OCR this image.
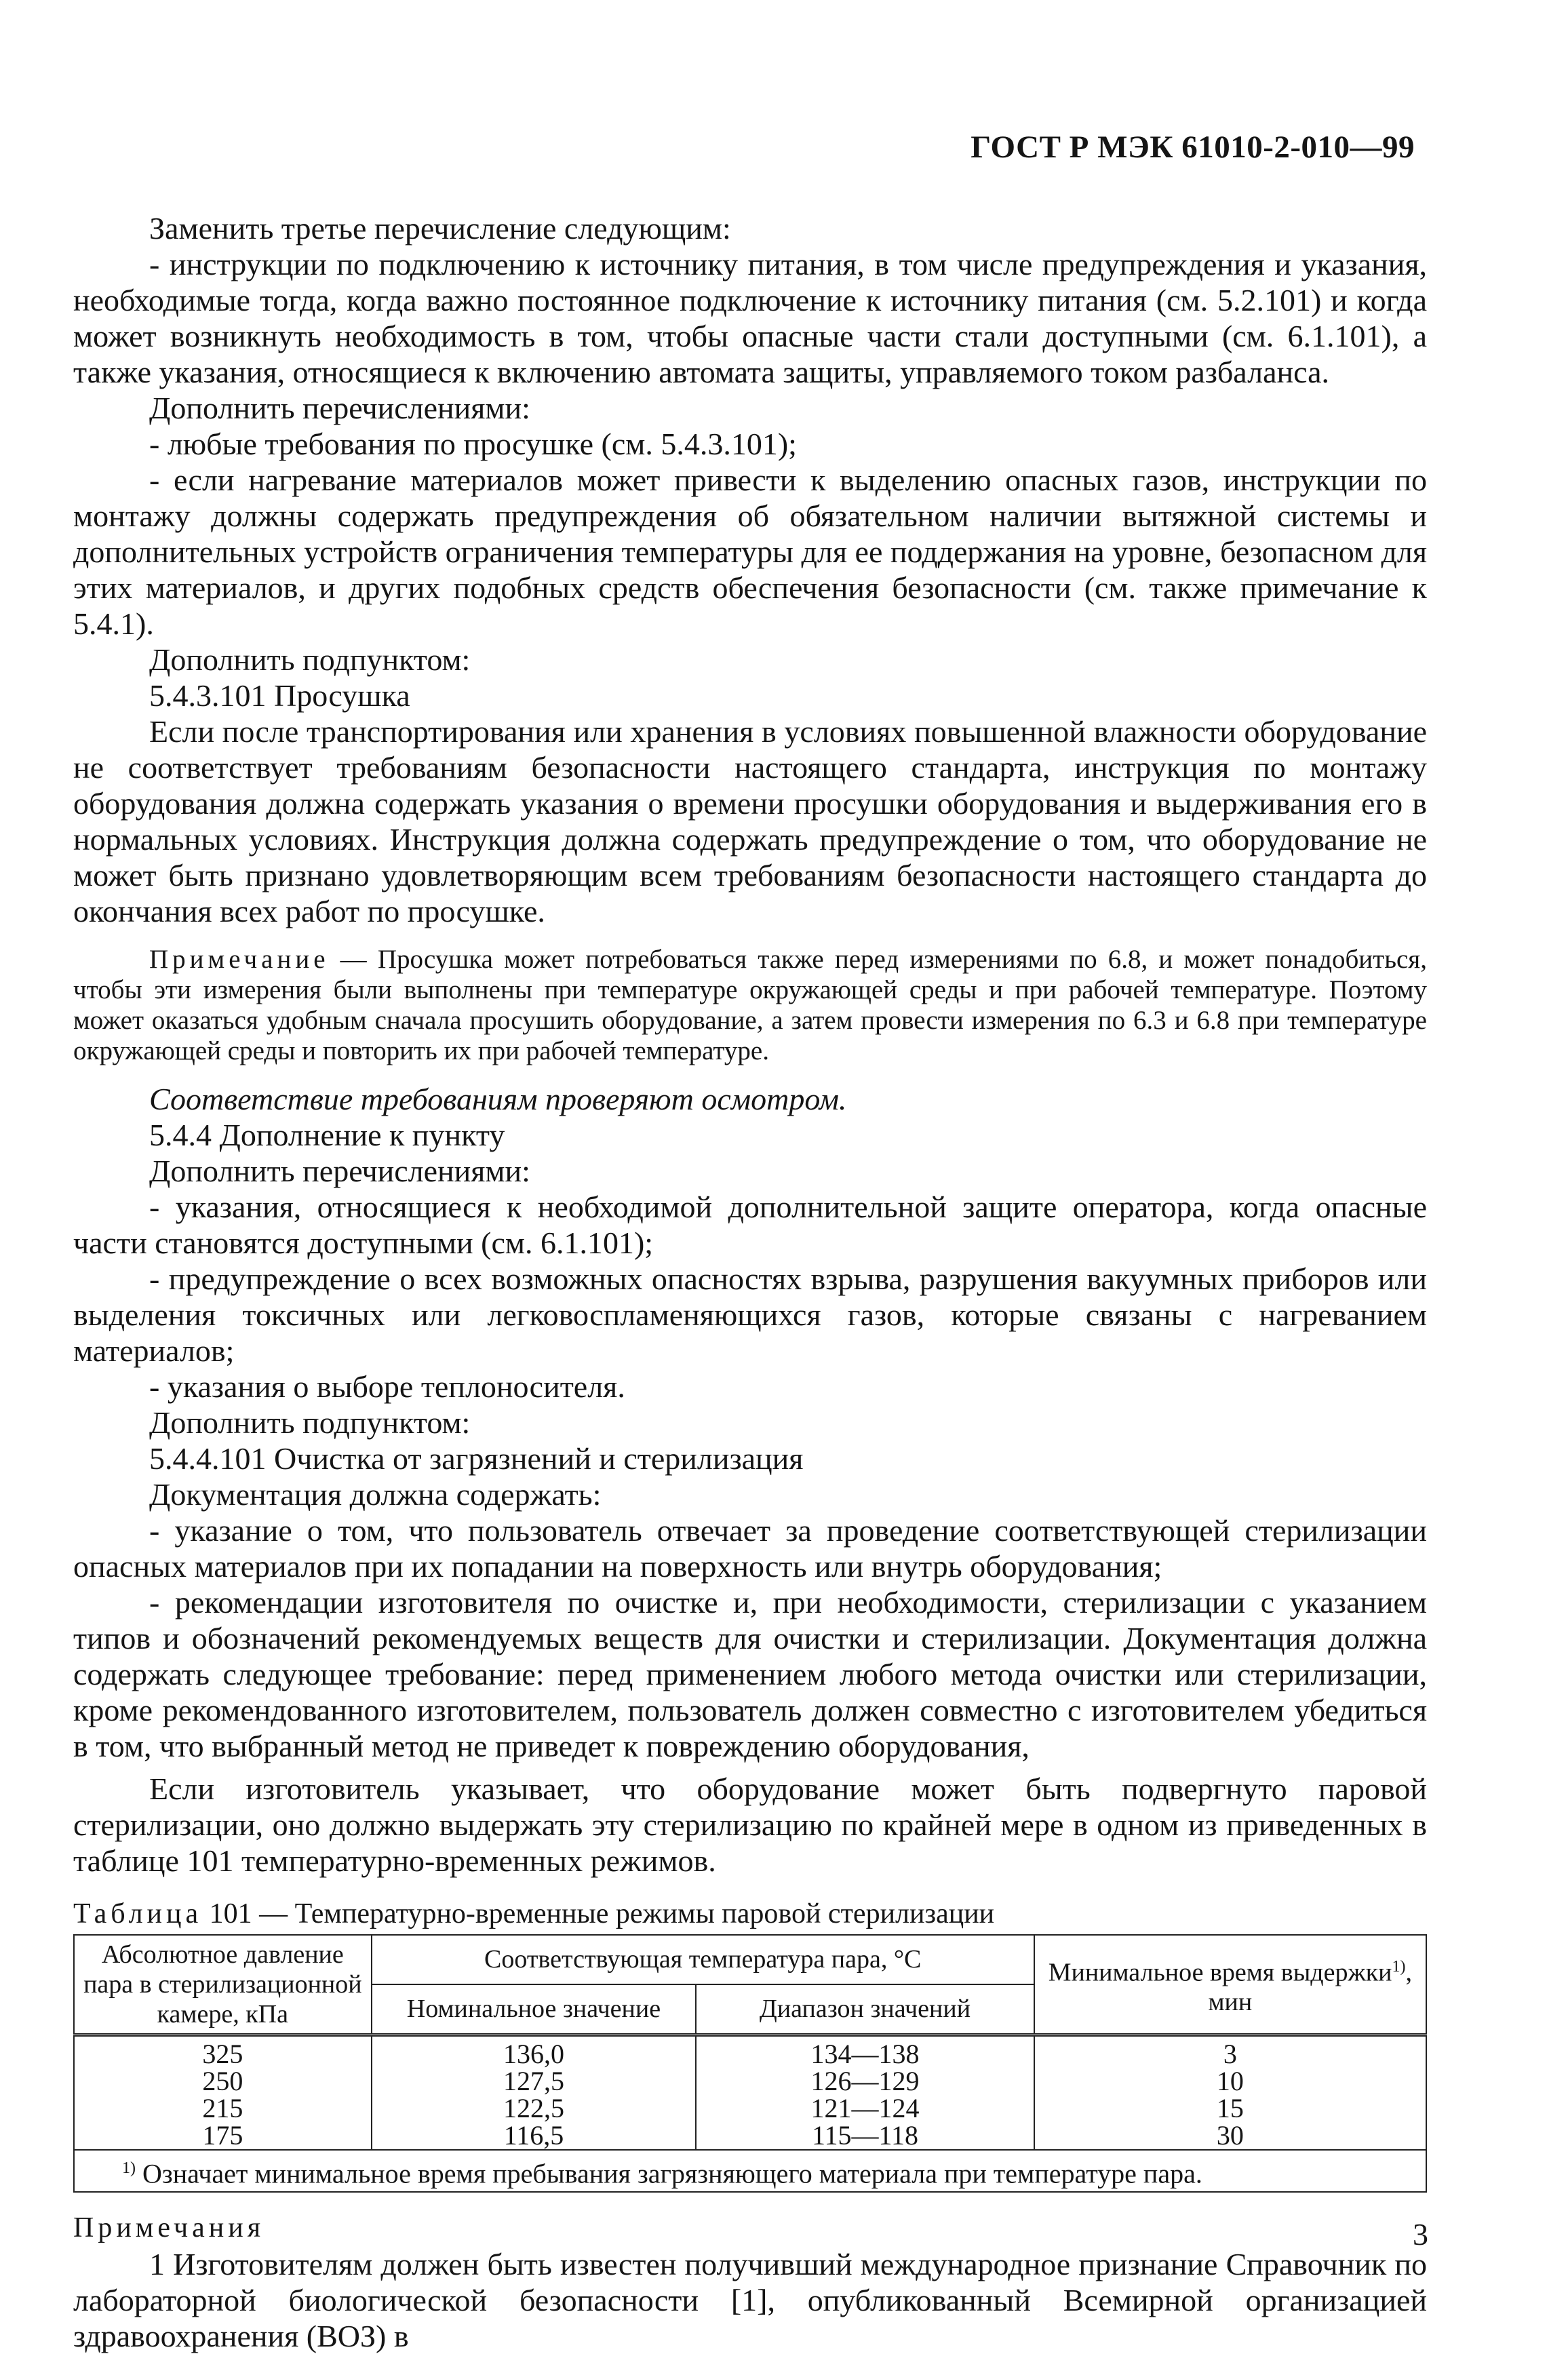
ГОСТ Р МЭК 61010-2-010—99

Заменить третье перечисление следующим:

- инструкции по подключению к источнику питания, в том числе предупреждения и указания, необходимые тогда, когда важно постоянное подключение к источнику питания (см. 5.2.101) и когда может возникнуть необходимость в том, чтобы опасные части стали доступными (см. 6.1.101), а также указания, относящиеся к включению автомата защиты, управляемого током разбаланса.

Дополнить перечислениями:

- любые требования по просушке (см. 5.4.3.101);

- если нагревание материалов может привести к выделению опасных газов, инструкции по монтажу должны содержать предупреждения об обязательном наличии вытяжной системы и дополнительных устройств ограничения температуры для ее поддержания на уровне, безопасном для этих материалов, и других подобных средств обеспечения безопасности (см. также примечание к 5.4.1).

Дополнить подпунктом:

5.4.3.101 Просушка

Если после транспортирования или хранения в условиях повышенной влажности оборудование не соответствует требованиям безопасности настоящего стандарта, инструкция по монтажу оборудования должна содержать указания о времени просушки оборудования и выдерживания его в нормальных условиях. Инструкция должна содержать предупреждение о том, что оборудование не может быть признано удовлетворяющим всем требованиям безопасности настоящего стандарта до окончания всех работ по просушке.

Примечание — Просушка может потребоваться также перед измерениями по 6.8, и может понадобиться, чтобы эти измерения были выполнены при температуре окружающей среды и при рабочей температуре. Поэтому может оказаться удобным сначала просушить оборудование, а затем провести измерения по 6.3 и 6.8 при температуре окружающей среды и повторить их при рабочей температуре.

Соответствие требованиям проверяют осмотром.

5.4.4 Дополнение к пункту

Дополнить перечислениями:

- указания, относящиеся к необходимой дополнительной защите оператора, когда опасные части становятся доступными (см. 6.1.101);

- предупреждение о всех возможных опасностях взрыва, разрушения вакуумных приборов или выделения токсичных или легковоспламеняющихся газов, которые связаны с нагреванием материалов;

- указания о выборе теплоносителя.

Дополнить подпунктом:

5.4.4.101 Очистка от загрязнений и стерилизация

Документация должна содержать:

- указание о том, что пользователь отвечает за проведение соответствующей стерилизации опасных материалов при их попадании на поверхность или внутрь оборудования;

- рекомендации изготовителя по очистке и, при необходимости, стерилизации с указанием типов и обозначений рекомендуемых веществ для очистки и стерилизации. Документация должна содержать следующее требование: перед применением любого метода очистки или стерилизации, кроме рекомендованного изготовителем, пользователь должен совместно с изготовителем убедиться в том, что выбранный метод не приведет к повреждению оборудования,

Если изготовитель указывает, что оборудование может быть подвергнуто паровой стерилизации, оно должно выдержать эту стерилизацию по крайней мере в одном из приведенных в таблице 101 температурно-временных режимов.

Таблица 101 — Температурно-временные режимы паровой стерилизации
Абсолютное давление пара в стерилизационной камере, кПа	Соответствующая температура пара, °С		Минимальное время выдержки$^{1)}$, мин
	Номинальное значение	Диапазон значений	
325	136,0	134—138	3
250	127,5	126—129	10
215	122,5	121—124	15
175	116,5	115—118	30
$^{1)}$ Означает минимальное время пребывания загрязняющего материала при температуре пара.			
Примечания

1 Изготовителям должен быть известен получивший международное признание Справочник по лабораторной биологической безопасности [1], опубликованный Всемирной организацией здравоохранения (ВОЗ) в

3
